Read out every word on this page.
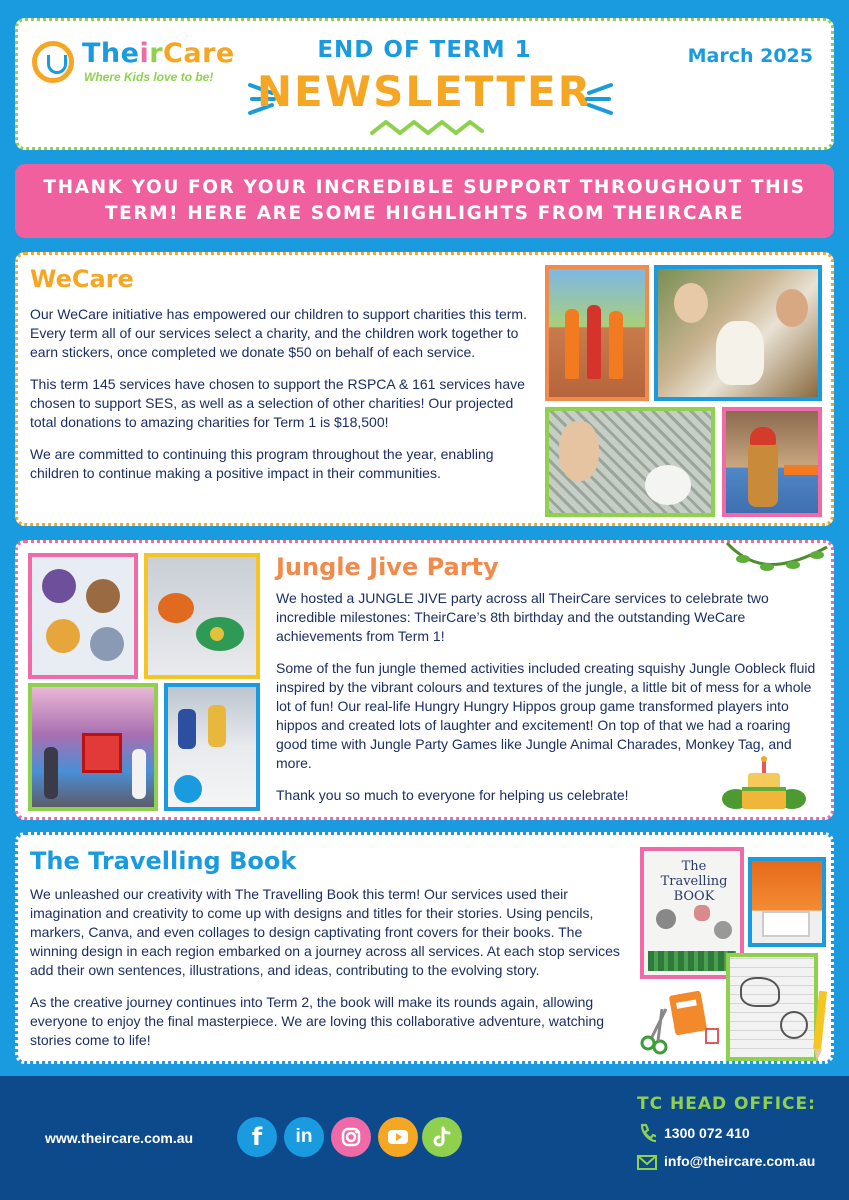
TheirCare
Where Kids love to be!
END OF TERM 1
NEWSLETTER
March 2025
THANK YOU FOR YOUR INCREDIBLE SUPPORT THROUGHOUT THIS
TERM! HERE ARE SOME HIGHLIGHTS FROM THEIRCARE
WeCare

Our WeCare initiative has empowered our children to support charities this term. Every term all of our services select a charity, and the children work together to earn stickers, once completed we donate $50 on behalf of each service.

This term 145 services have chosen to support the RSPCA & 161 services have chosen to support SES, as well as a selection of other charities! Our projected total donations to amazing charities for Term 1 is $18,500!

We are committed to continuing this program throughout the year, enabling children to continue making a positive impact in their communities.

Jungle Jive Party

We hosted a JUNGLE JIVE party across all TheirCare services to celebrate two incredible milestones: TheirCare’s 8th birthday and the outstanding WeCare achievements from Term 1!

Some of the fun jungle themed activities included creating squishy Jungle Oobleck fluid inspired by the vibrant colours and textures of the jungle, a little bit of mess for a whole lot of fun! Our real-life Hungry Hungry Hippos group game transformed players into hippos and created lots of laughter and excitement! On top of that we had a roaring good time with Jungle Party Games like Jungle Animal Charades, Monkey Tag, and more.

Thank you so much to everyone for helping us celebrate!

The Travelling Book

We unleashed our creativity with The Travelling Book this term! Our services used their imagination and creativity to come up with designs and titles for their stories. Using pencils, markers, Canva, and even collages to design captivating front covers for their books. The winning design in each region embarked on a journey across all services. At each stop services add their own sentences, illustrations, and ideas, contributing to the evolving story.

As the creative journey continues into Term 2, the book will make its rounds again, allowing everyone to enjoy the final masterpiece. We are loving this collaborative adventure, watching stories come to life!

The Travelling BOOK
www.theircare.com.au	f	in
TC HEAD OFFICE:
1300 072 410
info@theircare.com.au
